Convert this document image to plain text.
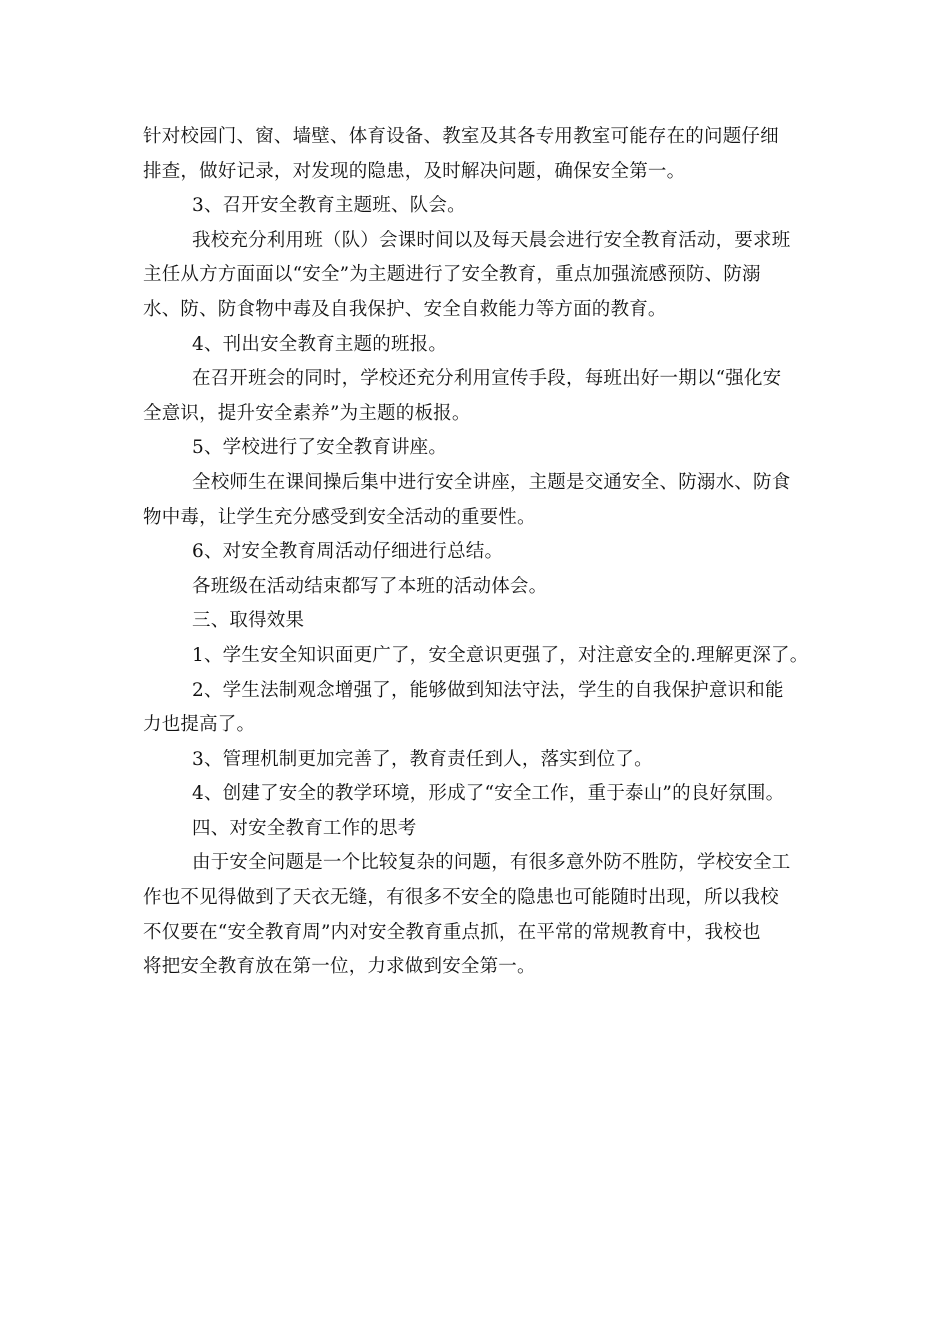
针对校园门、窗、墙壁、体育设备、教室及其各专用教室可能存在的问题仔细
排查，做好记录，对发现的隐患，及时解决问题，确保安全第一。
3、召开安全教育主题班、队会。
我校充分利用班（队）会课时间以及每天晨会进行安全教育活动，要求班
主任从方方面面以“安全”为主题进行了安全教育，重点加强流感预防、防溺
水、防、防食物中毒及自我保护、安全自救能力等方面的教育。
4、刊出安全教育主题的班报。
在召开班会的同时，学校还充分利用宣传手段，每班出好一期以“强化安
全意识，提升安全素养”为主题的板报。
5、学校进行了安全教育讲座。
全校师生在课间操后集中进行安全讲座，主题是交通安全、防溺水、防食
物中毒，让学生充分感受到安全活动的重要性。
6、对安全教育周活动仔细进行总结。
各班级在活动结束都写了本班的活动体会。
三、取得效果
1、学生安全知识面更广了，安全意识更强了，对注意安全的.理解更深了。
2、学生法制观念增强了，能够做到知法守法，学生的自我保护意识和能
力也提高了。
3、管理机制更加完善了，教育责任到人，落实到位了。
4、创建了安全的教学环境，形成了“安全工作，重于泰山”的良好氛围。
四、对安全教育工作的思考
由于安全问题是一个比较复杂的问题，有很多意外防不胜防，学校安全工
作也不见得做到了天衣无缝，有很多不安全的隐患也可能随时出现，所以我校
不仅要在“安全教育周”内对安全教育重点抓，在平常的常规教育中，我校也
将把安全教育放在第一位，力求做到安全第一。
